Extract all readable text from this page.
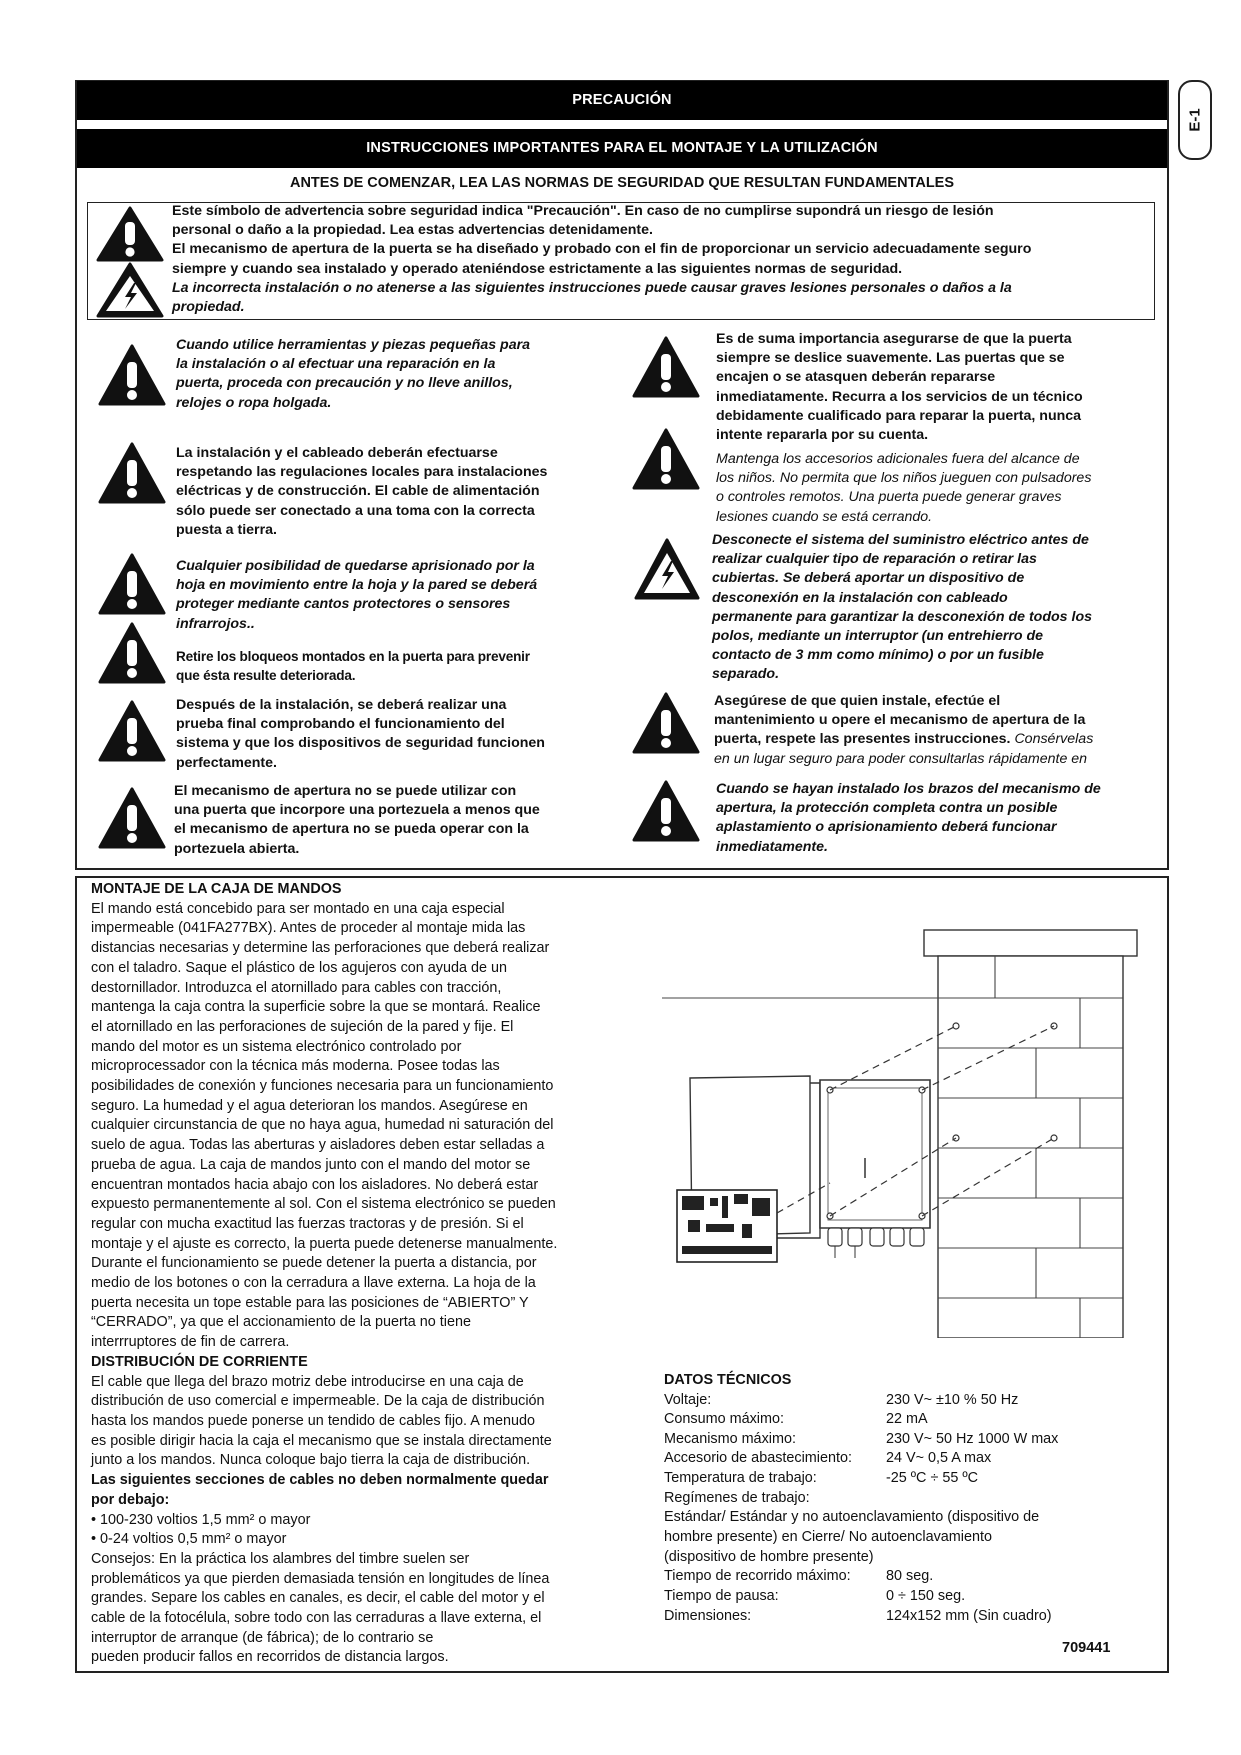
PRECAUCIÓN
INSTRUCCIONES IMPORTANTES PARA EL MONTAJE Y LA UTILIZACIÓN
E-1
ANTES DE COMENZAR, LEA LAS NORMAS DE SEGURIDAD QUE RESULTAN FUNDAMENTALES
Este símbolo de advertencia sobre seguridad indica "Precaución". En caso de no cumplirse supondrá un riesgo de lesión
personal o daño a la propiedad. Lea estas advertencias detenidamente.
El mecanismo de apertura de la puerta se ha diseñado y probado con el fin de proporcionar un servicio adecuadamente seguro
siempre y cuando sea instalado y operado ateniéndose estrictamente a las siguientes normas de seguridad.
La incorrecta instalación o no atenerse a las siguientes instrucciones puede causar graves lesiones personales o daños a la
propiedad.
Cuando utilice herramientas y piezas pequeñas para
la instalación o al efectuar una reparación en la
puerta, proceda con precaución y no lleve anillos,
relojes o ropa holgada.
La instalación y el cableado deberán efectuarse
respetando las regulaciones locales para instalaciones
eléctricas y de construcción. El cable de alimentación
sólo puede ser conectado a una toma con la correcta
puesta a tierra.
Cualquier posibilidad de quedarse aprisionado por la
hoja en movimiento entre la hoja y la pared se deberá
proteger mediante cantos protectores o sensores
infrarrojos..
Retire los bloqueos montados en la puerta para prevenir
que ésta resulte deteriorada.
Después de la instalación, se deberá realizar una
prueba final comprobando el funcionamiento del
sistema y que los dispositivos de seguridad funcionen
perfectamente.
El mecanismo de apertura no se puede utilizar con
una puerta que incorpore una portezuela a menos que
el mecanismo de apertura no se pueda operar con la
portezuela abierta.
Es de suma importancia asegurarse de que la puerta
siempre se deslice suavemente. Las puertas que se
encajen o se atasquen deberán repararse
inmediatamente. Recurra a los servicios de un técnico
debidamente cualificado para reparar la puerta, nunca
intente repararla por su cuenta.
Mantenga los accesorios adicionales fuera del alcance de
los niños. No permita que los niños jueguen con pulsadores
o controles remotos. Una puerta puede generar graves
lesiones cuando se está cerrando.
Desconecte el sistema del suministro eléctrico antes de
realizar cualquier tipo de reparación o retirar las
cubiertas. Se deberá aportar un dispositivo de
desconexión en la instalación con cableado
permanente para garantizar la desconexión de todos los
polos, mediante un interruptor (un entrehierro de
contacto de 3 mm como mínimo) o por un fusible
separado.
Asegúrese de que quien instale, efectúe el
mantenimiento u opere el mecanismo de apertura de la
puerta, respete las presentes instrucciones. Consérvelas
en un lugar seguro para poder consultarlas rápidamente en
Cuando se hayan instalado los brazos del mecanismo de
apertura, la protección completa contra un posible
aplastamiento o aprisionamiento deberá funcionar
inmediatamente.
MONTAJE DE LA CAJA DE MANDOS
El mando está concebido para ser montado en una caja especial
impermeable (041FA277BX). Antes de proceder al montaje mida las
distancias necesarias y determine las perforaciones que deberá realizar
con el taladro. Saque el plástico de los agujeros con ayuda de un
destornillador. Introduzca el atornillado para cables con tracción,
mantenga la caja contra la superficie sobre la que se montará. Realice
el atornillado en las perforaciones de sujeción de la pared y fije. El
mando del motor es un sistema electrónico controlado por
microprocessador con la técnica más moderna. Posee todas las
posibilidades de conexión y funciones necesaria para un funcionamiento
seguro. La humedad y el agua deterioran los mandos. Asegúrese en
cualquier circunstancia de que no haya agua, humedad ni saturación del
suelo de agua. Todas las aberturas y aisladores deben estar selladas a
prueba de agua. La caja de mandos junto con el mando del motor se
encuentran montados hacia abajo con los aisladores. No deberá estar
expuesto permanentemente al sol. Con el sistema electrónico se pueden
regular con mucha exactitud las fuerzas tractoras y de presión. Si el
montaje y el ajuste es correcto, la puerta puede detenerse manualmente.
Durante el funcionamiento se puede detener la puerta a distancia, por
medio de los botones o con la cerradura a llave externa. La hoja de la
puerta necesita un tope estable para las posiciones de “ABIERTO” Y
“CERRADO”, ya que el accionamiento de la puerta no tiene
interrruptores de fin de carrera.
DISTRIBUCIÓN DE CORRIENTE
El cable que llega del brazo motriz debe introducirse en una caja de
distribución de uso comercial e impermeable. De la caja de distribución
hasta los mandos puede ponerse un tendido de cables fijo. A menudo
es posible dirigir hacia la caja el mecanismo que se instala directamente
junto a los mandos. Nunca coloque bajo tierra la caja de distribución.
Las siguientes secciones de cables no deben normalmente quedar
por debajo:
• 100-230 voltios 1,5 mm² o mayor
• 0-24 voltios 0,5 mm² o mayor
Consejos: En la práctica los alambres del timbre suelen ser
problemáticos ya que pierden demasiada tensión en longitudes de línea
grandes. Separe los cables en canales, es decir, el cable del motor y el
cable de la fotocélula, sobre todo con las cerraduras a llave externa, el
interruptor de arranque (de fábrica); de lo contrario se
pueden producir fallos en recorridos de distancia largos.
DATOS TÉCNICOS
Voltaje:	230 V~ ±10 % 50 Hz
Consumo máximo:	22 mA
Mecanismo máximo:	230 V~ 50 Hz 1000 W max
Accesorio de abastecimiento:	24 V~ 0,5 A max
Temperatura de trabajo:	-25 ºC ÷ 55 ºC
Regímenes de trabajo:
Estándar/ Estándar y no autoenclavamiento (dispositivo de
hombre presente) en Cierre/ No autoenclavamiento
(dispositivo de hombre presente)
Tiempo de recorrido máximo:	80 seg.
Tiempo de pausa:	0 ÷ 150 seg.
Dimensiones:	124x152 mm (Sin cuadro)
709441
